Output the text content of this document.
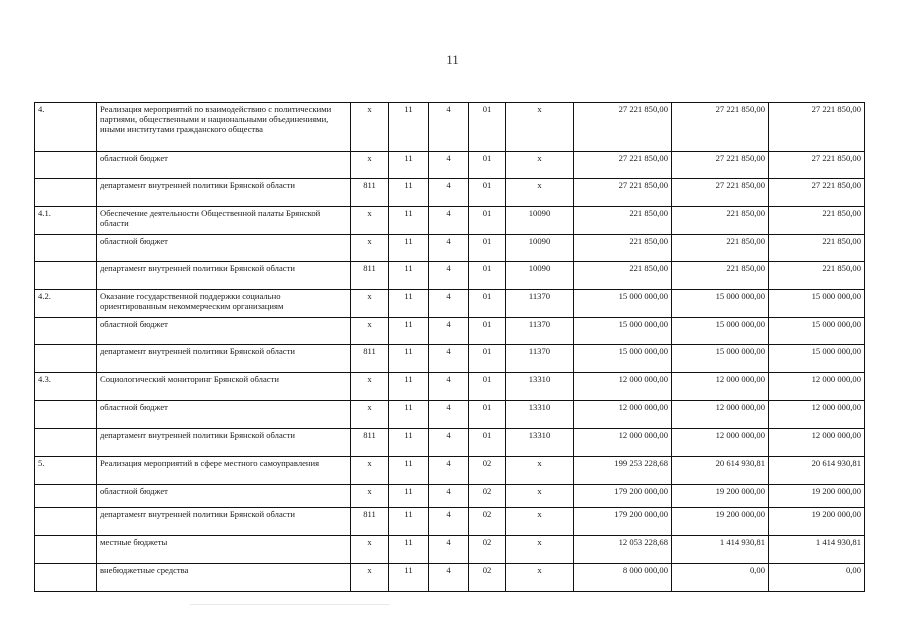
11
4.	Реализация мероприятий по взаимодействию с политическими партиями, общественными и национальными объединениями, иными институтами гражданского общества	х	11	4	01	х	27 221 850,00	27 221 850,00	27 221 850,00
	областной бюджет	х	11	4	01	х	27 221 850,00	27 221 850,00	27 221 850,00
	департамент внутренней политики Брянской области	811	11	4	01	х	27 221 850,00	27 221 850,00	27 221 850,00
4.1.	Обеспечение деятельности Общественной палаты Брянской области	х	11	4	01	10090	221 850,00	221 850,00	221 850,00
	областной бюджет	х	11	4	01	10090	221 850,00	221 850,00	221 850,00
	департамент внутренней политики Брянской области	811	11	4	01	10090	221 850,00	221 850,00	221 850,00
4.2.	Оказание государственной поддержки социально ориентированным некоммерческим организациям	х	11	4	01	11370	15 000 000,00	15 000 000,00	15 000 000,00
	областной бюджет	х	11	4	01	11370	15 000 000,00	15 000 000,00	15 000 000,00
	департамент внутренней политики Брянской области	811	11	4	01	11370	15 000 000,00	15 000 000,00	15 000 000,00
4.3.	Социологический мониторинг Брянской области	х	11	4	01	13310	12 000 000,00	12 000 000,00	12 000 000,00
	областной бюджет	х	11	4	01	13310	12 000 000,00	12 000 000,00	12 000 000,00
	департамент внутренней политики Брянской области	811	11	4	01	13310	12 000 000,00	12 000 000,00	12 000 000,00
5.	Реализация мероприятий в сфере местного самоуправления	х	11	4	02	х	199 253 228,68	20 614 930,81	20 614 930,81
	областной бюджет	х	11	4	02	х	179 200 000,00	19 200 000,00	19 200 000,00
	департамент внутренней политики Брянской области	811	11	4	02	х	179 200 000,00	19 200 000,00	19 200 000,00
	местные бюджеты	х	11	4	02	х	12 053 228,68	1 414 930,81	1 414 930,81
	внебюджетные средства	х	11	4	02	х	8 000 000,00	0,00	0,00
